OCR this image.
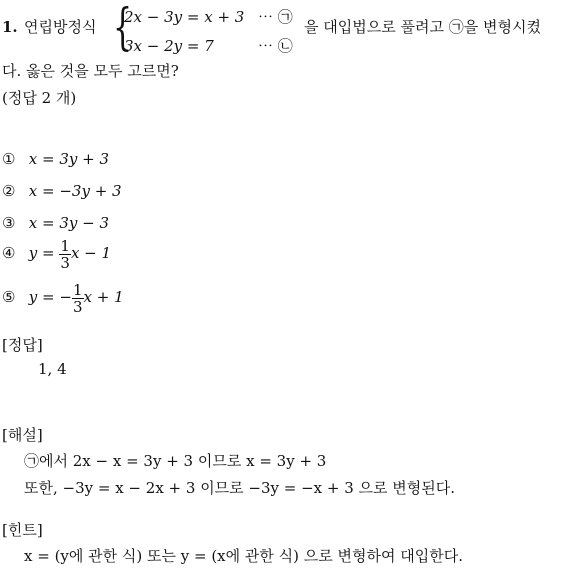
1. 연립방정식 {
2x − 3y = x + 3 ⋯ ㉠
3x − 2y = 7	⋯ ㉡
을 대입법으로 풀려고 ㉠을 변형시켰
다. 옳은 것을 모두 고르면?
(정답 2 개)
① x = 3y + 3
② x = −3y + 3
③ x = 3y − 3
④ $y = \frac{1}{3}$ x − 1
⑤ y = − $\frac{1}{3}$ x + 1
[정답]
1, 4
[해설]
㉠에서 2x − x = 3y + 3 이므로 x = 3y + 3
또한, −3y = x − 2x + 3 이므로 −3y = −x + 3 으로 변형된다.
[힌트]
x = (y에 관한 식) 또는 y = (x에 관한 식) 으로 변형하여 대입한다.
